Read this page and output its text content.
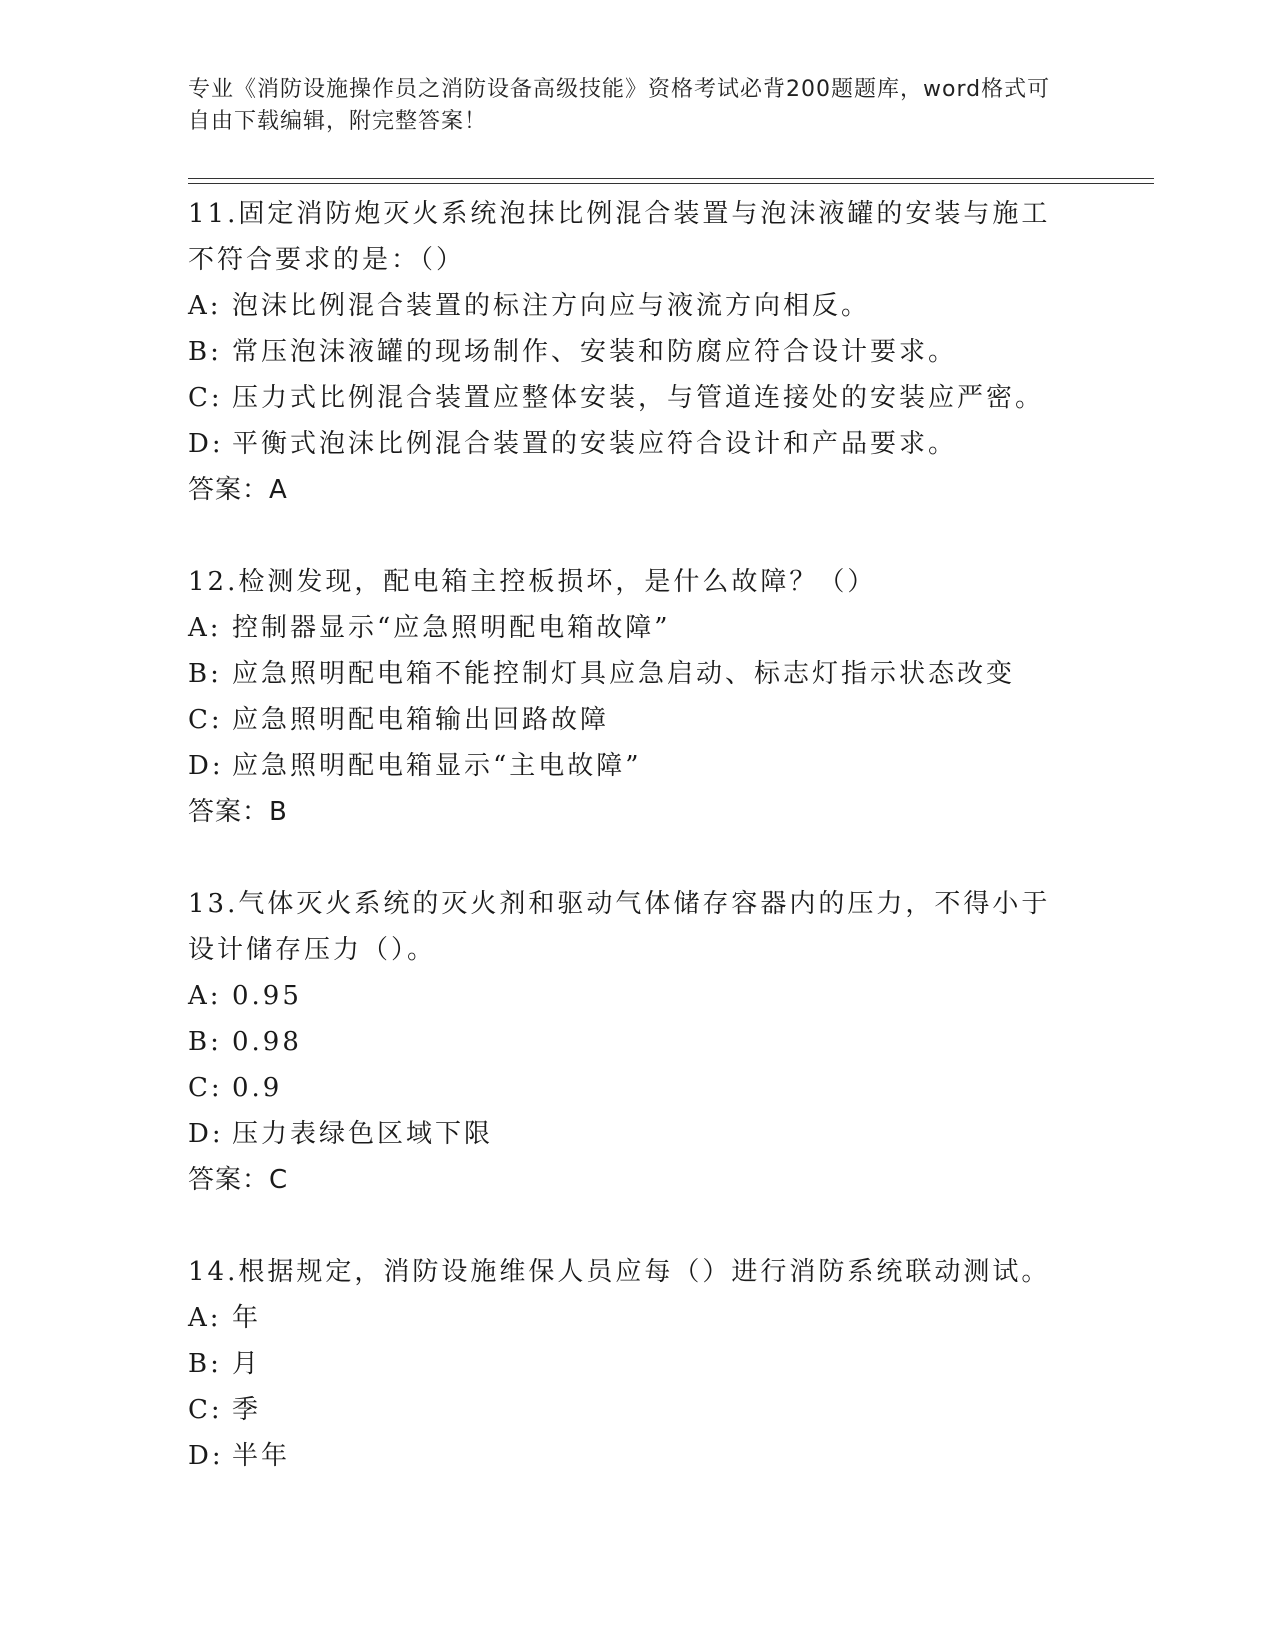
专业《消防设施操作员之消防设备高级技能》资格考试必背200题题库，word格式可自由下载编辑，附完整答案！

11.固定消防炮灭火系统泡抹比例混合装置与泡沫液罐的安装与施工不符合要求的是：（）

A: 泡沫比例混合装置的标注方向应与液流方向相反。

B: 常压泡沫液罐的现场制作、安装和防腐应符合设计要求。

C: 压力式比例混合装置应整体安装，与管道连接处的安装应严密。

D: 平衡式泡沫比例混合装置的安装应符合设计和产品要求。

答案：A

12.检测发现，配电箱主控板损坏，是什么故障？（）

A: 控制器显示“应急照明配电箱故障”

B: 应急照明配电箱不能控制灯具应急启动、标志灯指示状态改变

C: 应急照明配电箱输出回路故障

D: 应急照明配电箱显示“主电故障”

答案：B

13.气体灭火系统的灭火剂和驱动气体储存容器内的压力，不得小于设计储存压力（）。

A: 0.95

B: 0.98

C: 0.9

D: 压力表绿色区域下限

答案：C

14.根据规定，消防设施维保人员应每（）进行消防系统联动测试。

A: 年

B: 月

C: 季

D: 半年
